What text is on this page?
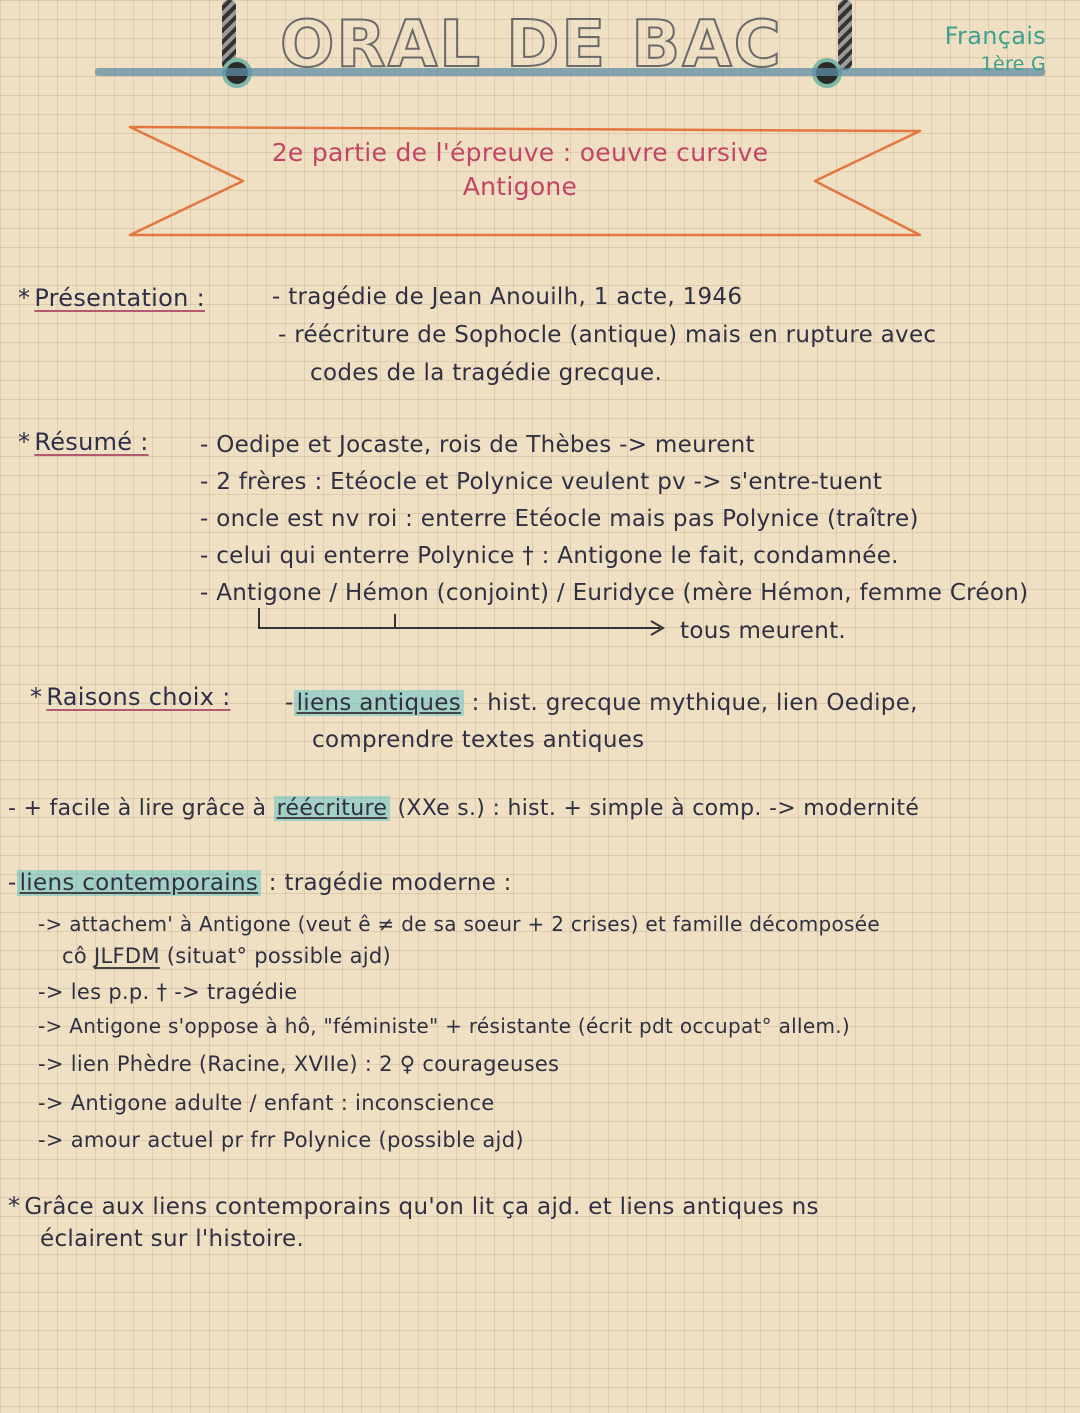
ORAL DE BAC	Français
1ère G
2e partie de l'épreuve : oeuvre cursive
Antigone
* Présentation :	- tragédie de Jean Anouilh, 1 acte, 1946
- réécriture de Sophocle (antique) mais en rupture avec
codes de la tragédie grecque.
* Résumé : - Oedipe et Jocaste, rois de Thèbes -> meurent
- 2 frères : Etéocle et Polynice veulent pv -> s'entre-tuent
- oncle est nv roi : enterre Etéocle mais pas Polynice (traître)
- celui qui enterre Polynice † : Antigone le fait, condamnée.
- Antigone / Hémon (conjoint) / Euridyce (mère Hémon, femme Créon)
tous meurent.
* Raisons choix : - liens antiques : hist. grecque mythique, lien Oedipe,
comprendre textes antiques
- + facile à lire grâce à réécriture (XXe s.) : hist. + simple à comp. -> modernité
- liens contemporains : tragédie moderne :
-> attachem' à Antigone (veut ê ≠ de sa soeur + 2 crises) et famille décomposée
cô JLFDM (situat° possible ajd)
-> les p.p. † -> tragédie
-> Antigone s'oppose à hô, "féministe" + résistante (écrit pdt occupat° allem.)
-> lien Phèdre (Racine, XVIIe) : 2 ♀ courageuses
-> Antigone adulte / enfant : inconscience
-> amour actuel pr frr Polynice (possible ajd)
* Grâce aux liens contemporains qu'on lit ça ajd. et liens antiques ns
éclairent sur l'histoire.
